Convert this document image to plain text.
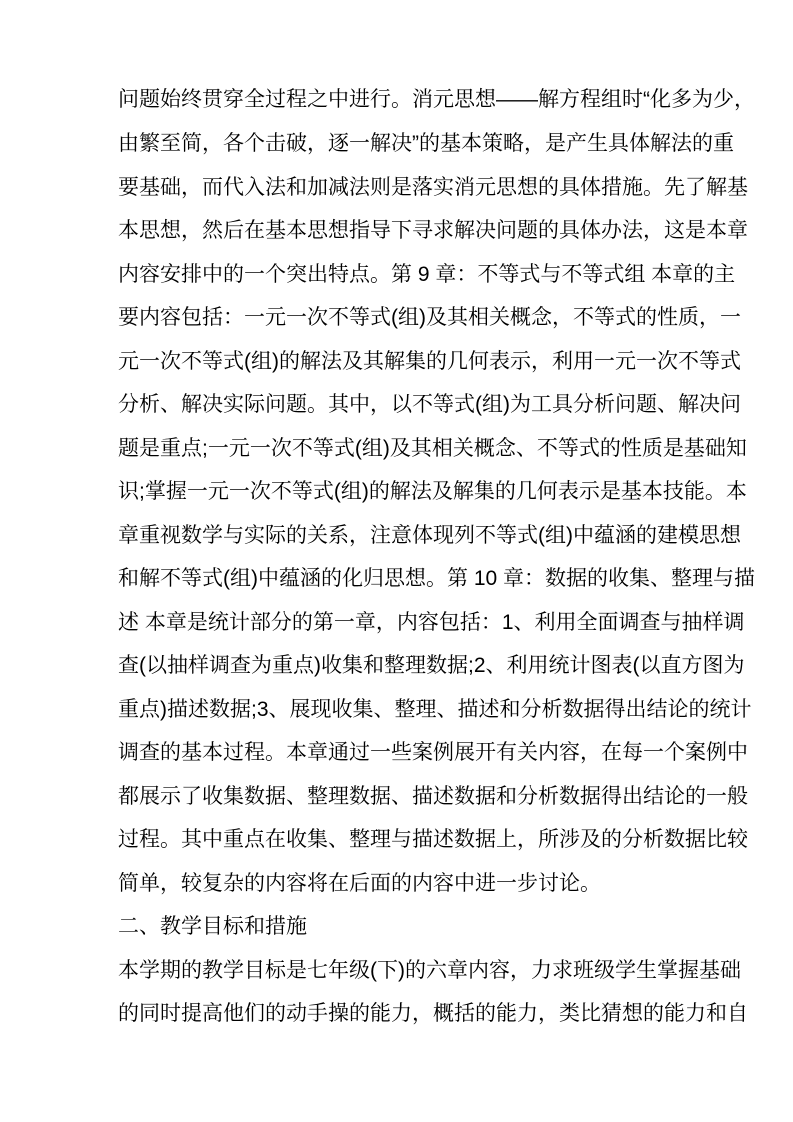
问题始终贯穿全过程之中进行。消元思想——解方程组时“化多为少，
由繁至简，各个击破，逐一解决”的基本策略，是产生具体解法的重
要基础，而代入法和加减法则是落实消元思想的具体措施。先了解基
本思想，然后在基本思想指导下寻求解决问题的具体办法，这是本章
内容安排中的一个突出特点。第 9 章：不等式与不等式组 本章的主
要内容包括：一元一次不等式(组)及其相关概念，不等式的性质，一
元一次不等式(组)的解法及其解集的几何表示，利用一元一次不等式
分析、解决实际问题。其中，以不等式(组)为工具分析问题、解决问
题是重点;一元一次不等式(组)及其相关概念、不等式的性质是基础知
识;掌握一元一次不等式(组)的解法及解集的几何表示是基本技能。本
章重视数学与实际的关系，注意体现列不等式(组)中蕴涵的建模思想
和解不等式(组)中蕴涵的化归思想。第 10 章：数据的收集、整理与描
述 本章是统计部分的第一章，内容包括：1、利用全面调查与抽样调
查(以抽样调查为重点)收集和整理数据;2、利用统计图表(以直方图为
重点)描述数据;3、展现收集、整理、描述和分析数据得出结论的统计
调查的基本过程。本章通过一些案例展开有关内容，在每一个案例中
都展示了收集数据、整理数据、描述数据和分析数据得出结论的一般
过程。其中重点在收集、整理与描述数据上，所涉及的分析数据比较
简单，较复杂的内容将在后面的内容中进一步讨论。
二、教学目标和措施
本学期的教学目标是七年级(下)的六章内容，力求班级学生掌握基础
的同时提高他们的动手操的能力，概括的能力，类比猜想的能力和自
